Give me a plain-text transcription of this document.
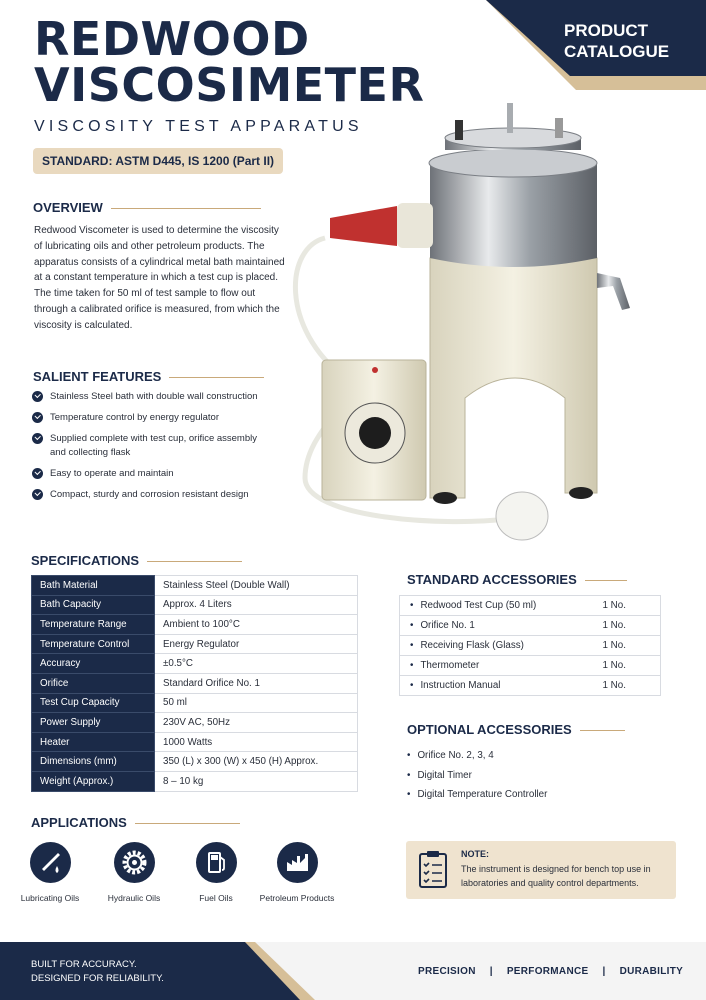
PRODUCT
CATALOGUE
REDWOOD
VISCOSIMETER
VISCOSITY TEST APPARATUS
STANDARD: ASTM D445, IS 1200 (Part II)
OVERVIEW
Redwood Viscometer is used to determine the viscosity of lubricating oils and other petroleum products. The apparatus consists of a cylindrical metal bath maintained at a constant temperature in which a test cup is placed. The time taken for 50 ml of test sample to flow out through a calibrated orifice is measured, from which the viscosity is calculated.
SALIENT FEATURES
Stainless Steel bath with double wall construction
Temperature control by energy regulator
Supplied complete with test cup, orifice assembly and collecting flask
Easy to operate and maintain
Compact, sturdy and corrosion resistant design
SPECIFICATIONS
Bath Material	Stainless Steel (Double Wall)
Bath Capacity	Approx. 4 Liters
Temperature Range	Ambient to 100°C
Temperature Control	Energy Regulator
Accuracy	±0.5°C
Orifice	Standard Orifice No. 1
Test Cup Capacity	50 ml
Power Supply	230V AC, 50Hz
Heater	1000 Watts
Dimensions (mm)	350 (L) x 300 (W) x 450 (H) Approx.
Weight (Approx.)	8 – 10 kg
STANDARD ACCESSORIES
• Redwood Test Cup (50 ml)	1 No.
• Orifice No. 1	1 No.
• Receiving Flask (Glass)	1 No.
• Thermometer	1 No.
• Instruction Manual	1 No.
OPTIONAL ACCESSORIES
• Orifice No. 2, 3, 4
• Digital Timer
• Digital Temperature Controller
APPLICATIONS
Lubricating Oils	Hydraulic Oils	Fuel Oils	Petroleum Products
NOTE:
The instrument is designed for bench top use in laboratories and quality control departments.
BUILT FOR ACCURACY.
DESIGNED FOR RELIABILITY.
PRECISION | PERFORMANCE | DURABILITY
